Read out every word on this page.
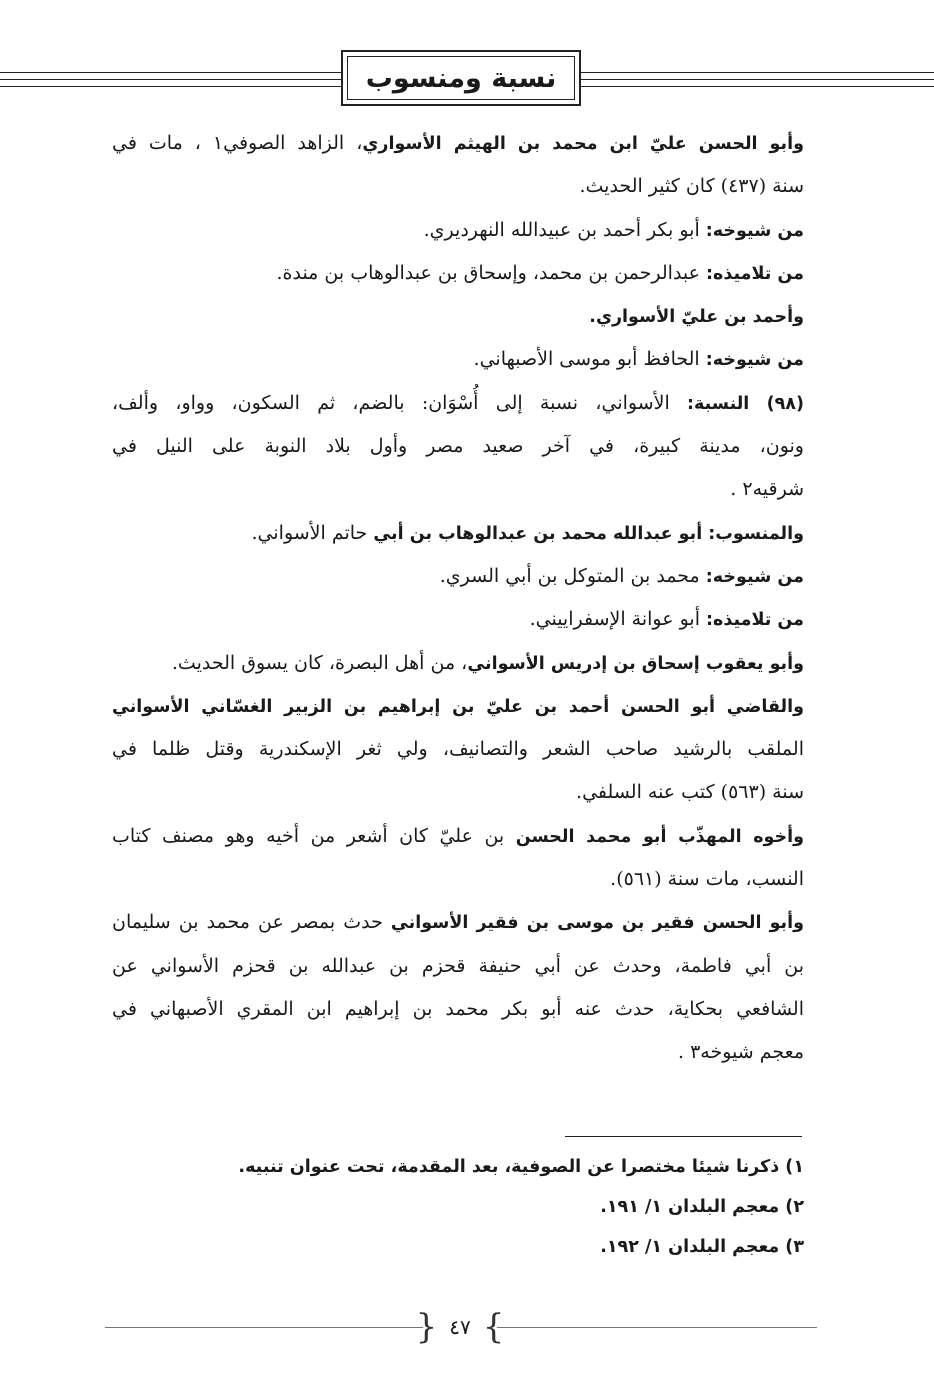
نسبة ومنسوب
وأبو الحسن عليّ ابن محمد بن الهيثم الأسواري، الزاهد الصوفي١ ، مات في
سنة (٤٣٧) كان كثير الحديث.
من شيوخه: أبو بكر أحمد بن عبيدالله النهرديري.
من تلاميذه: عبدالرحمن بن محمد، وإسحاق بن عبدالوهاب بن مندة.
وأحمد بن عليّ الأسواري.
من شيوخه: الحافظ أبو موسى الأصبهاني.
(٩٨) النسبة: الأسواني، نسبة إلى أُسْوَان: بالضم، ثم السكون، وواو، وألف،
ونون، مدينة كبيرة، في آخر صعيد مصر وأول بلاد النوبة على النيل في
شرقيه٢ .
والمنسوب: أبو عبدالله محمد بن عبدالوهاب بن أبي حاتم الأسواني.
من شيوخه: محمد بن المتوكل بن أبي السري.
من تلاميذه: أبو عوانة الإسفراييني.
وأبو يعقوب إسحاق بن إدريس الأسواني، من أهل البصرة، كان يسوق الحديث.
والقاضي أبو الحسن أحمد بن عليّ بن إبراهيم بن الزبير الغسّاني الأسواني
الملقب بالرشيد صاحب الشعر والتصانيف، ولي ثغر الإسكندرية وقتل ظلما في
سنة (٥٦٣) كتب عنه السلفي.
وأخوه المهذّب أبو محمد الحسن بن عليّ كان أشعر من أخيه وهو مصنف كتاب
النسب، مات سنة (٥٦١).
وأبو الحسن فقير بن موسى بن فقير الأسواني حدث بمصر عن محمد بن سليمان
بن أبي فاطمة، وحدث عن أبي حنيفة قحزم بن عبدالله بن قحزم الأسواني عن
الشافعي بحكاية، حدث عنه أبو بكر محمد بن إبراهيم ابن المقري الأصبهاني في
معجم شيوخه٣ .
١) ذكرنا شيئا مختصرا عن الصوفية، بعد المقدمة، تحت عنوان تنبيه.
٢) معجم البلدان ١/ ١٩١.
٣) معجم البلدان ١/ ١٩٢.
}
٤٧
{
